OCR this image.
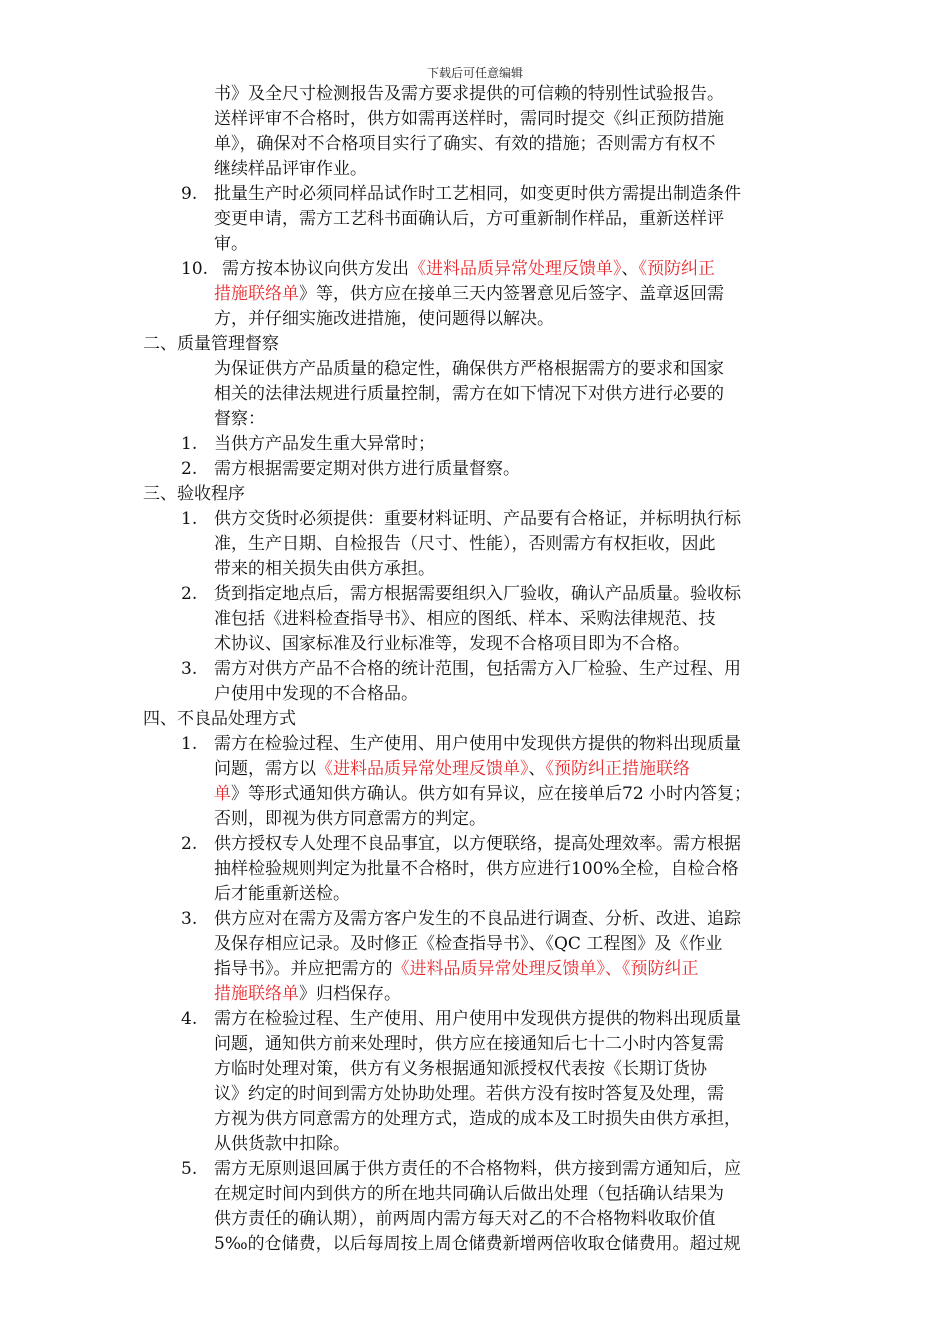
下载后可任意编辑
书》及全尺寸检测报告及需方要求提供的可信赖的特别性试验报告。
送样评审不合格时，供方如需再送样时，需同时提交《纠正预防措施
单》，确保对不合格项目实行了确实、有效的措施；否则需方有权不
继续样品评审作业。
9. 批量生产时必须同样品试作时工艺相同，如变更时供方需提出制造条件
变更申请，需方工艺科书面确认后，方可重新制作样品，重新送样评
审。
10. 需方按本协议向供方发出《进料品质异常处理反馈单》、《预防纠正
措施联络单》等，供方应在接单三天内签署意见后签字、盖章返回需
方，并仔细实施改进措施，使问题得以解决。
二、质量管理督察
为保证供方产品质量的稳定性，确保供方严格根据需方的要求和国家
相关的法律法规进行质量控制，需方在如下情况下对供方进行必要的
督察：
1. 当供方产品发生重大异常时；
2. 需方根据需要定期对供方进行质量督察。
三、验收程序
1. 供方交货时必须提供：重要材料证明、产品要有合格证，并标明执行标
准，生产日期、自检报告（尺寸、性能），否则需方有权拒收，因此
带来的相关损失由供方承担。
2. 货到指定地点后，需方根据需要组织入厂验收，确认产品质量。验收标
准包括《进料检查指导书》、相应的图纸、样本、采购法律规范、技
术协议、国家标准及行业标准等，发现不合格项目即为不合格。
3. 需方对供方产品不合格的统计范围，包括需方入厂检验、生产过程、用
户使用中发现的不合格品。
四、不良品处理方式
1. 需方在检验过程、生产使用、用户使用中发现供方提供的物料出现质量
问题，需方以《进料品质异常处理反馈单》、《预防纠正措施联络
单》等形式通知供方确认。供方如有异议，应在接单后72 小时内答复；
否则，即视为供方同意需方的判定。
2. 供方授权专人处理不良品事宜，以方便联络，提高处理效率。需方根据
抽样检验规则判定为批量不合格时，供方应进行100%全检，自检合格
后才能重新送检。
3. 供方应对在需方及需方客户发生的不良品进行调查、分析、改进、追踪
及保存相应记录。及时修正《检查指导书》、《QC 工程图》及《作业
指导书》。并应把需方的《进料品质异常处理反馈单》、《预防纠正
措施联络单》归档保存。
4. 需方在检验过程、生产使用、用户使用中发现供方提供的物料出现质量
问题，通知供方前来处理时，供方应在接通知后七十二小时内答复需
方临时处理对策，供方有义务根据通知派授权代表按《长期订货协
议》约定的时间到需方处协助处理。若供方没有按时答复及处理，需
方视为供方同意需方的处理方式，造成的成本及工时损失由供方承担，
从供货款中扣除。
5. 需方无原则退回属于供方责任的不合格物料，供方接到需方通知后，应
在规定时间内到供方的所在地共同确认后做出处理（包括确认结果为
供方责任的确认期），前两周内需方每天对乙的不合格物料收取价值
5‰的仓储费，以后每周按上周仓储费新增两倍收取仓储费用。超过规
